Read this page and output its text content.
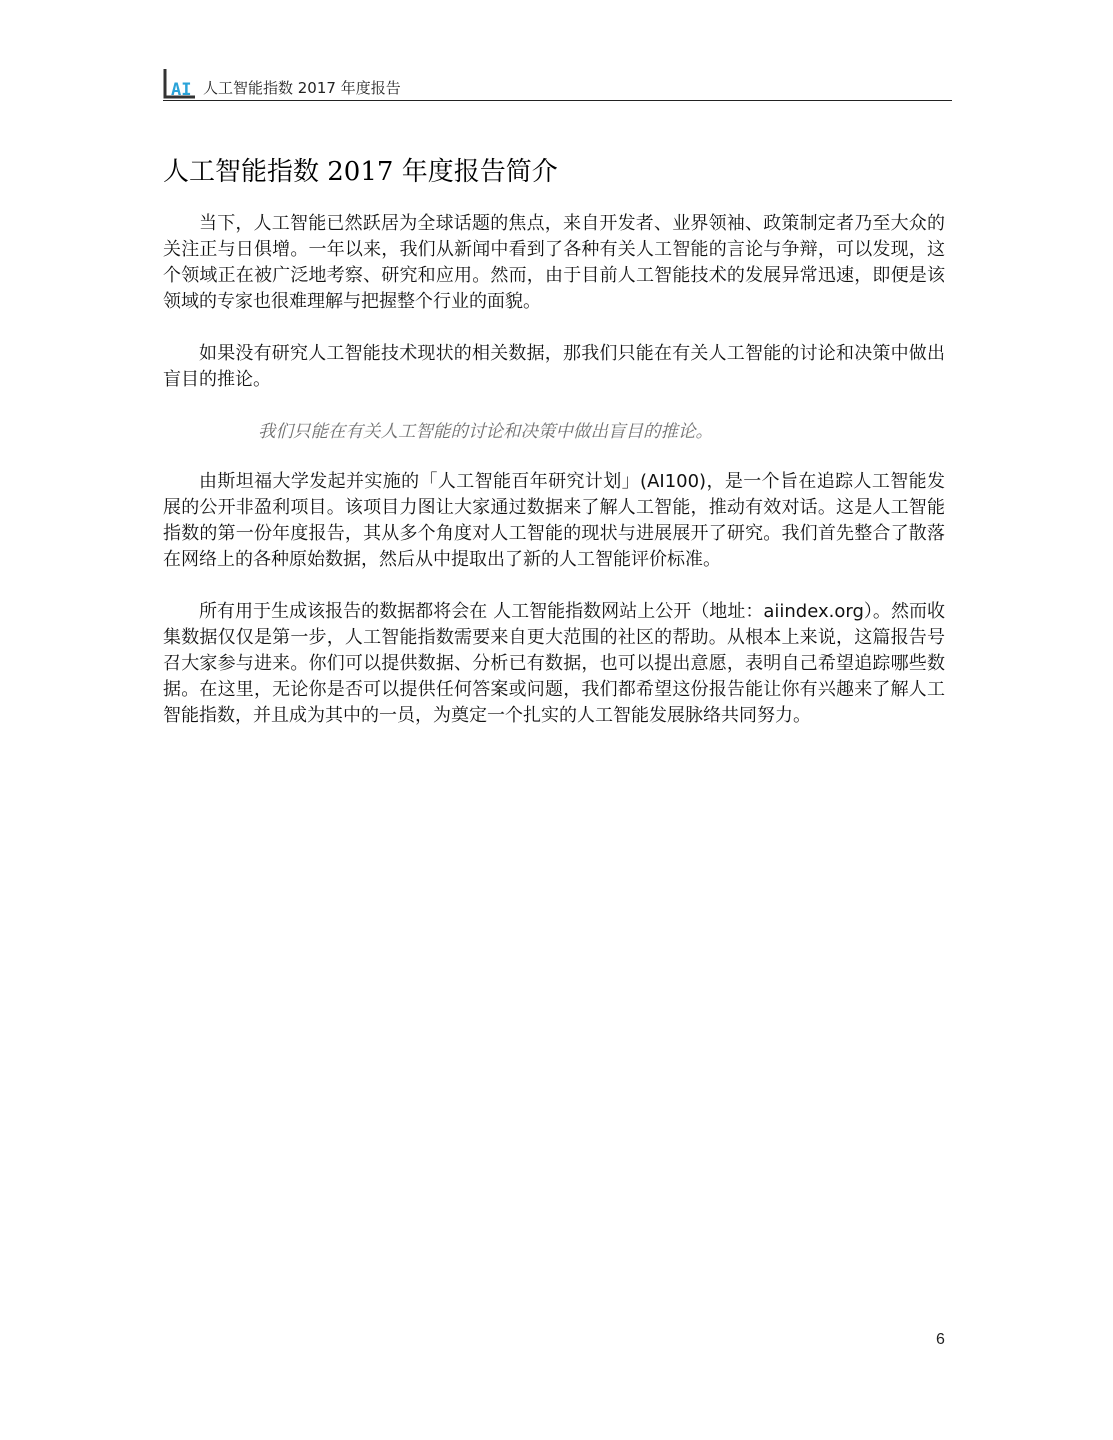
AI 人工智能指数 2017 年度报告
人工智能指数 2017 年度报告简介

当下，人工智能已然跃居为全球话题的焦点，来自开发者、业界领袖、政策制定者乃至大众的关注正与日俱增。一年以来，我们从新闻中看到了各种有关人工智能的言论与争辩，可以发现，这个领域正在被广泛地考察、研究和应用。然而，由于目前人工智能技术的发展异常迅速，即便是该领域的专家也很难理解与把握整个行业的面貌。

如果没有研究人工智能技术现状的相关数据，那我们只能在有关人工智能的讨论和决策中做出盲目的推论。

我们只能在有关人工智能的讨论和决策中做出盲目的推论。

由斯坦福大学发起并实施的「人工智能百年研究计划」(AI100)，是一个旨在追踪人工智能发展的公开非盈利项目。该项目力图让大家通过数据来了解人工智能，推动有效对话。这是人工智能指数的第一份年度报告，其从多个角度对人工智能的现状与进展展开了研究。我们首先整合了散落在网络上的各种原始数据，然后从中提取出了新的人工智能评价标准。

所有用于生成该报告的数据都将会在 人工智能指数网站上公开（地址：aiindex.org）。然而收集数据仅仅是第一步，人工智能指数需要来自更大范围的社区的帮助。从根本上来说，这篇报告号召大家参与进来。你们可以提供数据、分析已有数据，也可以提出意愿，表明自己希望追踪哪些数据。在这里，无论你是否可以提供任何答案或问题，我们都希望这份报告能让你有兴趣来了解人工智能指数，并且成为其中的一员，为奠定一个扎实的人工智能发展脉络共同努力。

6
